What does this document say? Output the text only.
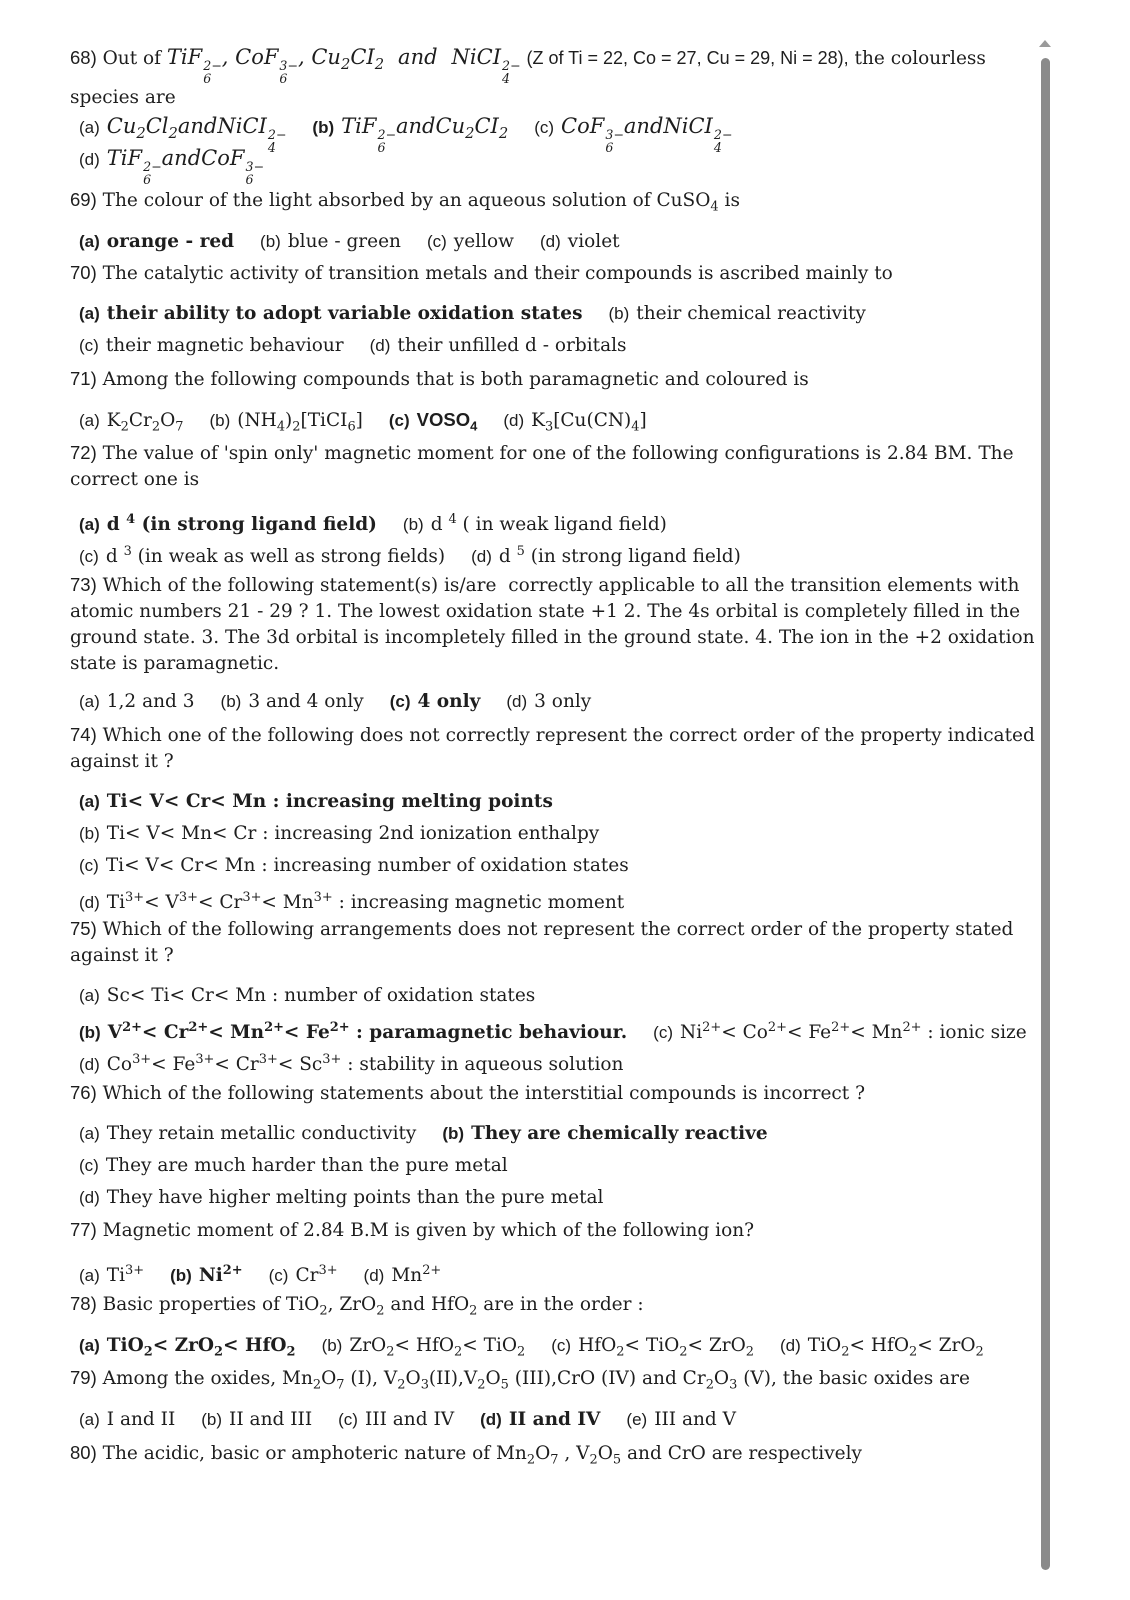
68) Out of TiF 2−
6
, CoF 3−
6
, $Cu_2CI_2$ and NiCI 2−
4
(Z of Ti = 22, Co = 27, Cu = 29, Ni = 28), the colourless species are
(a) $Cu_2Cl_2andNiCI$ 2−
4
(b) TiF 2−
6
$andCu_2CI_2$ (c) CoF 3−
6
andNiCI 2−
4
(d) TiF 2−
6
andCoF 3−
6
69) The colour of the light absorbed by an aqueous solution of CuSO$_4$ is
(a) orange - red (b) blue - green (c) yellow (d) violet
70) The catalytic activity of transition metals and their compounds is ascribed mainly to
(a) their ability to adopt variable oxidation states (b) their chemical reactivity
(c) their magnetic behaviour (d) their unfilled d - orbitals
71) Among the following compounds that is both paramagnetic and coloured is
(a) $K_2Cr_2O_7$ (b) $(NH_4)_2[TiCI_6]$ (c) $VOSO_4$ (d) $K_3[Cu(CN)_4]$
72) The value of 'spin only' magnetic moment for one of the following configurations is 2.84 BM. The correct one is
(a) d $^4$ (in strong ligand field) (b) d $^4$ ( in weak ligand field)
(c) d $^3$ (in weak as well as strong fields) (d) d $^5$ (in strong ligand field)
73) Which of the following statement(s) is/are  correctly applicable to all the transition elements with atomic numbers 21 - 29 ? 1. The lowest oxidation state +1 2. The 4s orbital is completely filled in the ground state. 3. The 3d orbital is incompletely filled in the ground state. 4. The ion in the +2 oxidation state is paramagnetic.
(a) 1,2 and 3 (b) 3 and 4 only (c) 4 only (d) 3 only
74) Which one of the following does not correctly represent the correct order of the property indicated against it ?
(a) Ti< V< Cr< Mn : increasing melting points
(b) Ti< V< Mn< Cr : increasing 2nd ionization enthalpy
(c) Ti< V< Cr< Mn : increasing number of oxidation states
(d) $Ti^{3+}< V^{3+}< Cr^{3+}< Mn^{3+}$ : increasing magnetic moment
75) Which of the following arrangements does not represent the correct order of the property stated against it ?
(a) Sc< Ti< Cr< Mn : number of oxidation states
(b) $V^{2+}< Cr^{2+}< Mn^{2+}< Fe^{2+}$ : paramagnetic behaviour. (c) $Ni^{2+}< Co^{2+}< Fe^{2+}< Mn^{2+}$ : ionic size
(d) $Co^{3+}< Fe^{3+}< Cr^{3+}< Sc^{3+}$ : stability in aqueous solution
76) Which of the following statements about the interstitial compounds is incorrect ?
(a) They retain metallic conductivity (b) They are chemically reactive
(c) They are much harder than the pure metal
(d) They have higher melting points than the pure metal
77) Magnetic moment of 2.84 B.M is given by which of the following ion?
(a) $Ti^{3+}$ (b) $Ni^{2+}$ (c) $Cr^{3+}$ (d) $Mn^{2+}$
78) Basic properties of TiO$_2$, ZrO$_2$ and HfO$_2$ are in the order :
(a) TiO$_2$< ZrO$_2$< HfO$_2$ (b) ZrO$_2$< HfO$_2$< TiO$_2$ (c) HfO$_2$< TiO$_2$< ZrO$_2$ (d) TiO$_2$< HfO$_2$< ZrO$_2$
79) Among the oxides, $Mn_2O_7$ (I), $V_2O_3(II),V_2O_5$ (III),CrO (IV) and $Cr_2O_3$ (V), the basic oxides are
(a) I and II (b) II and III (c) III and IV (d) II and IV (e) III and V
80) The acidic, basic or amphoteric nature of $Mn_2O_7$ , $V_2O_5$ and CrO are respectively
